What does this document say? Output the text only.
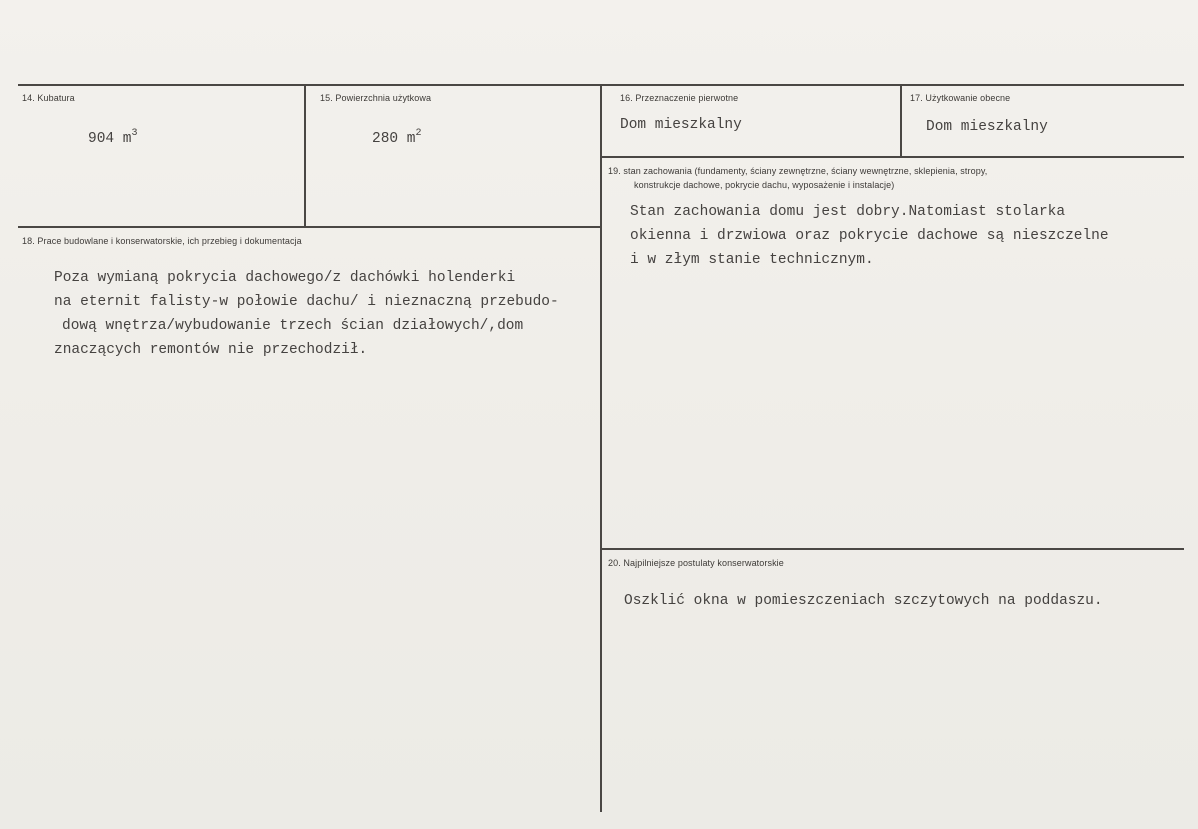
14. Kubatura
904 $m^3$
15. Powierzchnia użytkowa
280 $m^2$
16. Przeznaczenie pierwotne
Dom mieszkalny
17. Użytkowanie obecne
Dom mieszkalny
18. Prace budowlane i konserwatorskie, ich przebieg i dokumentacja
Poza wymianą pokrycia dachowego/z dachówki holenderki
na eternit falisty-w połowie dachu/ i nieznaczną przebudo-
dową wnętrza/wybudowanie trzech ścian działowych/,dom
znaczących remontów nie przechodził.
19. stan zachowania (fundamenty, ściany zewnętrzne, ściany wewnętrzne, sklepienia, stropy,
konstrukcje dachowe, pokrycie dachu, wyposażenie i instalacje)
Stan zachowania domu jest dobry.Natomiast stolarka
okienna i drzwiowa oraz pokrycie dachowe są nieszczelne
i w złym stanie technicznym.
20. Najpilniejsze postulaty konserwatorskie
Oszklić okna w pomieszczeniach szczytowych na poddaszu.
